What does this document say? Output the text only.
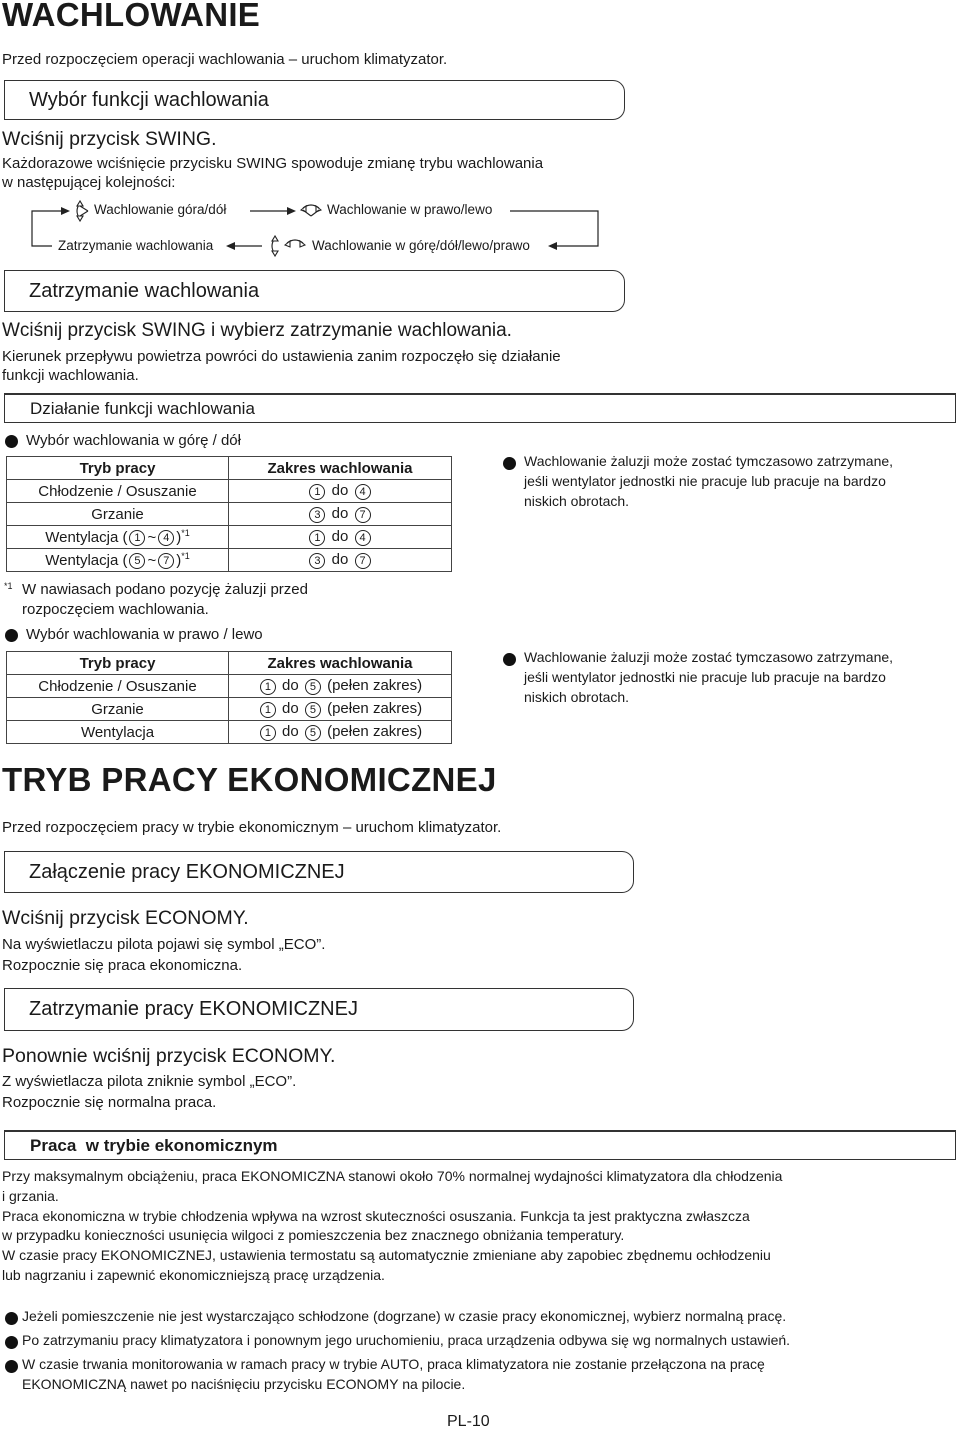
WACHLOWANIE
Przed rozpoczęciem operacji wachlowania – uruchom klimatyzator.
Wybór funkcji wachlowania
Wciśnij przycisk SWING.
Każdorazowe wciśnięcie przycisku SWING spowoduje zmianę trybu wachlowania
w następującej kolejności:
Wachlowanie góra/dół	Wachlowanie w prawo/lewo
Zatrzymanie wachlowania	Wachlowanie w górę/dół/lewo/prawo
Zatrzymanie wachlowania
Wciśnij przycisk SWING i wybierz zatrzymanie wachlowania.
Kierunek przepływu powietrza powróci do ustawienia zanim rozpoczęło się działanie
funkcji wachlowania.
Działanie funkcji wachlowania
Wybór wachlowania w górę / dół
Tryb pracy	Zakres wachlowania
Chłodzenie / Osuszanie	1 do 4
Grzanie	3 do 7
Wentylacja ( 1 ~ 4 )$^{*1}$	1 do 4
Wentylacja ( 5 ~ 7 )$^{*1}$	3 do 7
*1 W nawiasach podano pozycję żaluzji przed
rozpoczęciem wachlowania.
Wybór wachlowania w prawo / lewo
Tryb pracy	Zakres wachlowania
Chłodzenie / Osuszanie	1 do 5 (pełen zakres)
Grzanie	1 do 5 (pełen zakres)
Wentylacja	1 do 5 (pełen zakres)
Wachlowanie żaluzji może zostać tymczasowo zatrzymane,
jeśli wentylator jednostki nie pracuje lub pracuje na bardzo
niskich obrotach.
Wachlowanie żaluzji może zostać tymczasowo zatrzymane,
jeśli wentylator jednostki nie pracuje lub pracuje na bardzo
niskich obrotach.
TRYB PRACY EKONOMICZNEJ
Przed rozpoczęciem pracy w trybie ekonomicznym – uruchom klimatyzator.
Załączenie pracy EKONOMICZNEJ
Wciśnij przycisk ECONOMY.
Na wyświetlaczu pilota pojawi się symbol „ECO”.
Rozpocznie się praca ekonomiczna.
Zatrzymanie pracy EKONOMICZNEJ
Ponownie wciśnij przycisk ECONOMY.
Z wyświetlacza pilota zniknie symbol „ECO”.
Rozpocznie się normalna praca.
Praca  w trybie ekonomicznym
Przy maksymalnym obciążeniu, praca EKONOMICZNA stanowi około 70% normalnej wydajności klimatyzatora dla chłodzenia
i grzania.
Praca ekonomiczna w trybie chłodzenia wpływa na wzrost skuteczności osuszania. Funkcja ta jest praktyczna zwłaszcza
w przypadku konieczności usunięcia wilgoci z pomieszczenia bez znacznego obniżania temperatury.
W czasie pracy EKONOMICZNEJ, ustawienia termostatu są automatycznie zmieniane aby zapobiec zbędnemu ochłodzeniu
lub nagrzaniu i zapewnić ekonomiczniejszą pracę urządzenia.
Jeżeli pomieszczenie nie jest wystarczająco schłodzone (dogrzane) w czasie pracy ekonomicznej, wybierz normalną pracę.
Po zatrzymaniu pracy klimatyzatora i ponownym jego uruchomieniu, praca urządzenia odbywa się wg normalnych ustawień.
W czasie trwania monitorowania w ramach pracy w trybie AUTO, praca klimatyzatora nie zostanie przełączona na pracę
EKONOMICZNĄ nawet po naciśnięciu przycisku ECONOMY na pilocie.
PL-10
